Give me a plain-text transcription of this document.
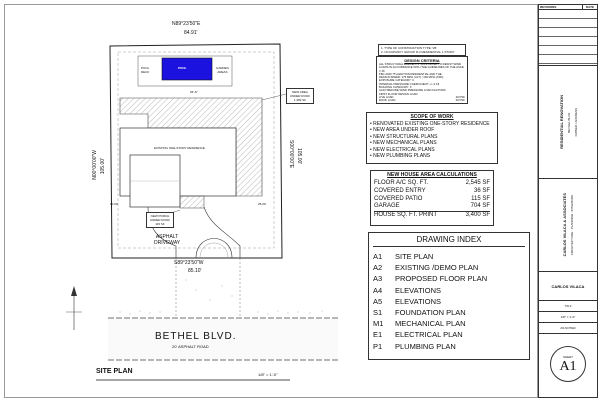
N89°23'50"E
84.91'
N00°00'00"W 105.00'	S00°00'00"E 105.00'
S89°23'50"W
85.10'
POOL
POOL
DECK
GARDEN
AREAS
26'-6"
EXISTING ONE-STORY RESIDENCE
NEW AREA
UNDER ROOF
1,382 SF
NEW PORCH
UNDER ROOF
115 SF
10.00'	25.00'
ASPHALT
DRIVEWAY
BETHEL BLVD.
20' ASPHALT ROAD
SITE PLAN	1/8" = 1'-0"
1. TYPE OF CONSTRUCTION TYPE: VB
2. OCCUPANCY GROUP R-3 RESIDENTIAL 1 STORY
DESIGN CRITERIA
ALL STRUCTURAL ELEMENTS SUPPORTED TO RESIST WIND
LOADS IN ACCORDANCE WITH THE GUIDELINES OF THE ASCE 7-16
FBC 2020 7TH EDITION RESIDENTIAL AND THE
DESIGN SPEED: 175 MPH (ULT) / 136 MPH (ASD)
EXPOSURE CATEGORY: C
INTERNAL PRESSURE COEFFICIENT: +/- 0.18
BUILDING CATEGORY: II
ALSO BEFORE WIND PRESSURE LOAD FACTORS
FIRST FLOOR DESIGN LOAD:
LIVE LOAD	40 PSF
ROOF LOAD	20 PSF
SCOPE OF WORK
• RENOVATED EXISTING ONE-STORY RESIDENCE
• NEW AREA UNDER ROOF
• NEW STRUCTURAL PLANS
• NEW MECHANICAL PLANS
• NEW ELECTRICAL PLANS
• NEW PLUMBING PLANS
NEW HOUSE AREA CALCULATIONS
FLOOR A/C SQ. FT.	2,545 SF
COVERED ENTRY	36 SF
COVERED PATIO	115 SF
GARAGE	704 SF
HOUSE SQ. FT. PRINT	3,400 SF
DRAWING INDEX
A1	SITE PLAN
A2	EXISTING /DEMO PLAN
A3	PROPOSED FLOOR PLAN
A4	ELEVATIONS
A5	ELEVATIONS
S1	FOUNDATION PLAN
M1	MECHANICAL PLAN
E1	ELECTRICAL PLAN
P1	PLUMBING PLAN
REVISIONS	DATE
RESIDENTIAL RENOVATION BETHEL BLVD. OWNER / ADDRESS
CARLOS VILACA & ASSOCIATES ARCHITECTURE . PLANNING . INTERIORS
CARLOS VILACA
7/8-2
1/8" = 1'-0"
AS NOTED
SHEET
A1
